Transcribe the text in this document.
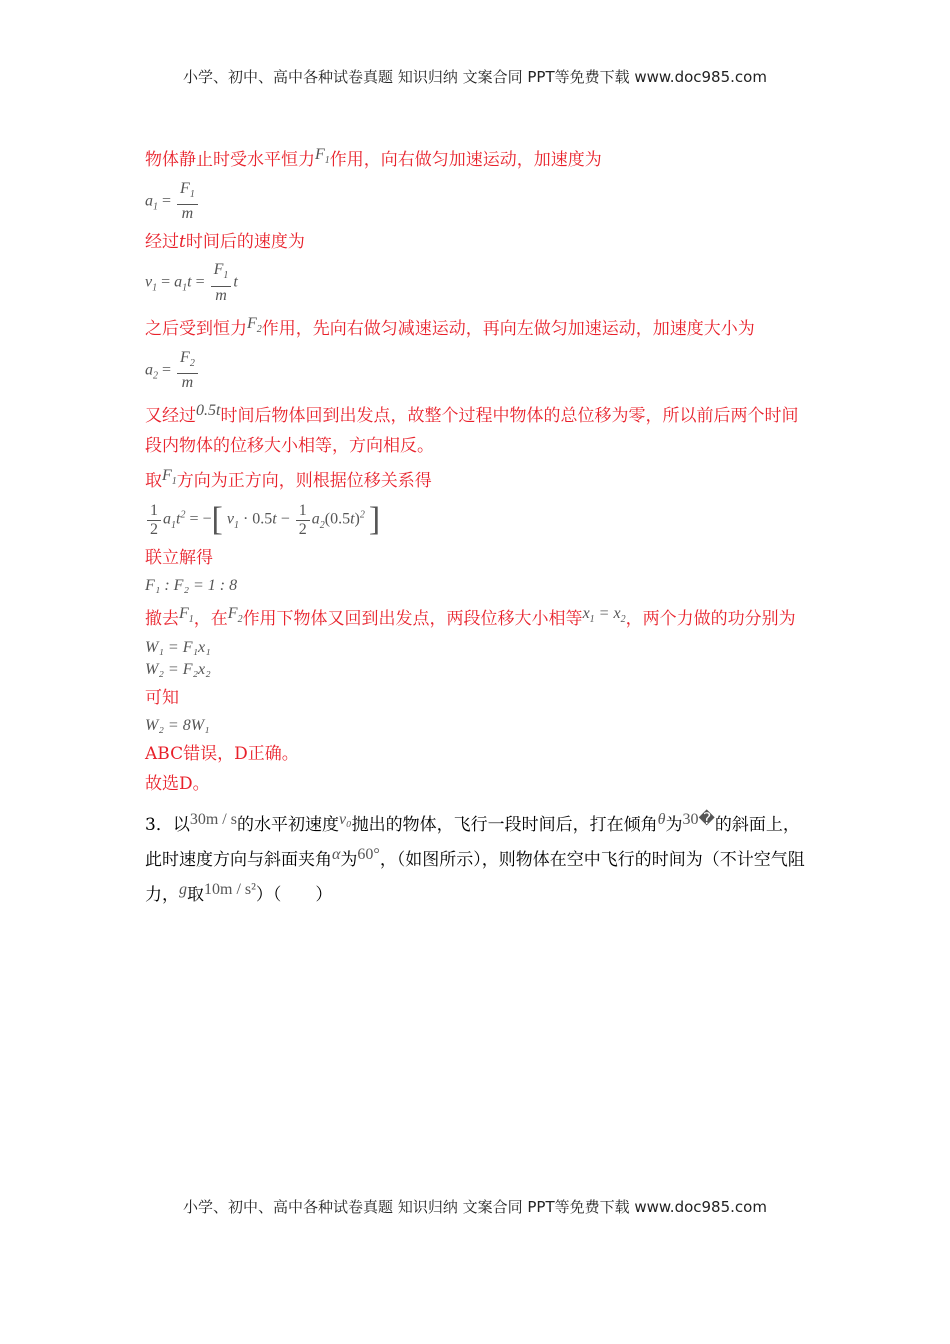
小学、初中、高中各种试卷真题 知识归纳 文案合同 PPT等免费下载 www.doc985.com

物体静止时受水平恒力$F_1$作用，向右做匀加速运动，加速度为

$a_1 = \frac{F_1}{m}$

经过t时间后的速度为

$v_1 = a_1t = \frac{F_1}{m}$ t

之后受到恒力$F_2$作用，先向右做匀减速运动，再向左做匀加速运动，加速度大小为

$a_2 = \frac{F_2}{m}$

又经过0.5t时间后物体回到出发点，故整个过程中物体的总位移为零，所以前后两个时间段内物体的位移大小相等，方向相反。

取$F_1$方向为正方向，则根据位移关系得

$\frac{1}{2} a_1t^2$ = −[ $v_1 \cdot 0.5t - \frac{1}{2} a_2(0.5t)^2$ ]

联立解得

F₁ : F₂ = 1 : 8

撤去$F_1$，在$F_2$作用下物体又回到出发点，两段位移大小相等$x_1 = x_2$，两个力做的功分别为

W₁ = F₁x₁
W₂ = F₂x₂

可知

W₂ = 8W₁

ABC错误，D正确。

故选D。

3．以30m / s的水平初速度v₀抛出的物体，飞行一段时间后，打在倾角θ为30�的斜面上，此时速度方向与斜面夹角α为60°，（如图所示），则物体在空中飞行的时间为（不计空气阻力，g取10m / s²）（　　）

小学、初中、高中各种试卷真题 知识归纳 文案合同 PPT等免费下载 www.doc985.com
